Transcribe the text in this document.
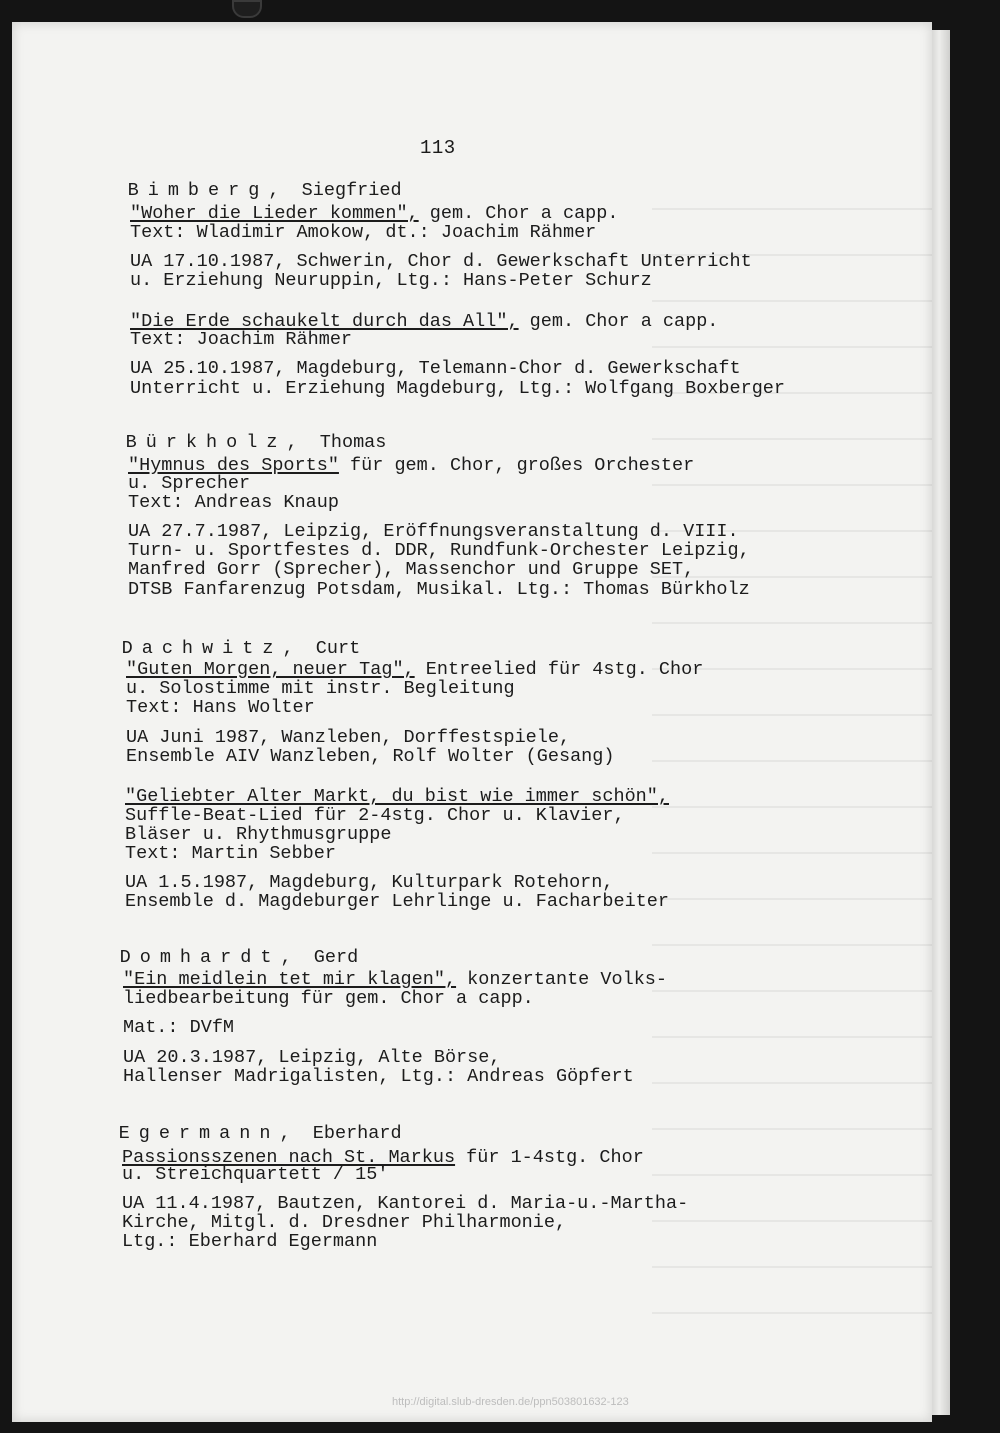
113

Bimberg,  Siegfried

"Woher die Lieder kommen", gem. Chor a capp.
Text: Wladimir Amokow, dt.: Joachim Rähmer
UA 17.10.1987, Schwerin, Chor d. Gewerkschaft Unterricht
u. Erziehung Neuruppin, Ltg.: Hans-Peter Schurz
"Die Erde schaukelt durch das All", gem. Chor a capp.
Text: Joachim Rähmer
UA 25.10.1987, Magdeburg, Telemann-Chor d. Gewerkschaft
Unterricht u. Erziehung Magdeburg, Ltg.: Wolfgang Boxberger

Bürkholz,  Thomas

"Hymnus des Sports" für gem. Chor, großes Orchester
u. Sprecher
Text: Andreas Knaup
UA 27.7.1987, Leipzig, Eröffnungsveranstaltung d. VIII.
Turn- u. Sportfestes d. DDR, Rundfunk-Orchester Leipzig,
Manfred Gorr (Sprecher), Massenchor und Gruppe SET,
DTSB Fanfarenzug Potsdam, Musikal. Ltg.: Thomas Bürkholz

Dachwitz,  Curt

"Guten Morgen, neuer Tag", Entreelied für 4stg. Chor
u. Solostimme mit instr. Begleitung
Text: Hans Wolter
UA Juni 1987, Wanzleben, Dorffestspiele,
Ensemble AIV Wanzleben, Rolf Wolter (Gesang)
"Geliebter Alter Markt, du bist wie immer schön",
Suffle-Beat-Lied für 2-4stg. Chor u. Klavier,
Bläser u. Rhythmusgruppe
Text: Martin Sebber
UA 1.5.1987, Magdeburg, Kulturpark Rotehorn,
Ensemble d. Magdeburger Lehrlinge u. Facharbeiter

Domhardt,  Gerd

"Ein meidlein tet mir klagen", konzertante Volks-
liedbearbeitung für gem. Chor a capp.
Mat.: DVfM
UA 20.3.1987, Leipzig, Alte Börse,
Hallenser Madrigalisten, Ltg.: Andreas Göpfert

Egermann,  Eberhard

Passionsszenen nach St. Markus für 1-4stg. Chor
u. Streichquartett / 15'
UA 11.4.1987, Bautzen, Kantorei d. Maria-u.-Martha-
Kirche, Mitgl. d. Dresdner Philharmonie,
Ltg.: Eberhard Egermann
http://digital.slub-dresden.de/ppn503801632-123
